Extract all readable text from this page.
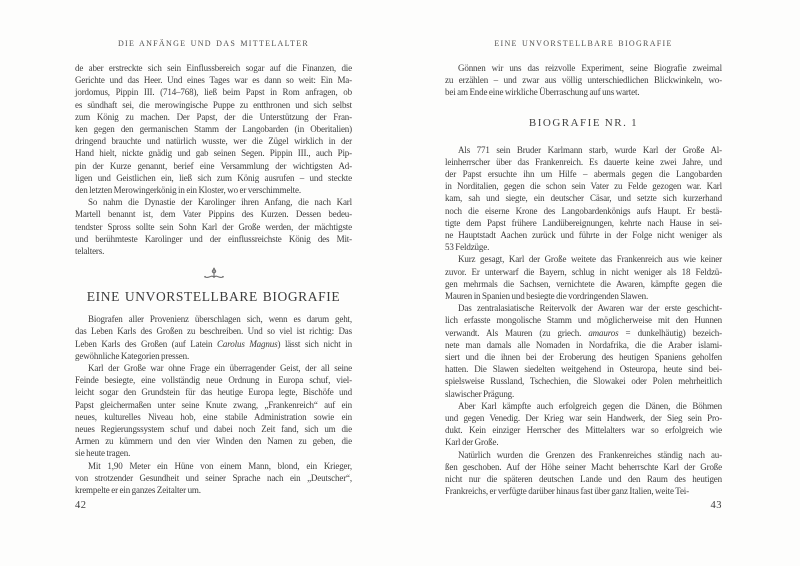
DIE ANFÄNGE UND DAS MITTELALTER
de aber erstreckte sich sein Einflussbereich sogar auf die Finanzen, die
Gerichte und das Heer. Und eines Tages war es dann so weit: Ein Ma-
jordomus, Pippin III. (714–768), ließ beim Papst in Rom anfragen, ob
es sündhaft sei, die merowingische Puppe zu entthronen und sich selbst
zum König zu machen. Der Papst, der die Unterstützung der Fran-
ken gegen den germanischen Stamm der Langobarden (in Oberitalien)
dringend brauchte und natürlich wusste, wer die Zügel wirklich in der
Hand hielt, nickte gnädig und gab seinen Segen. Pippin III., auch Pip-
pin der Kurze genannt, berief eine Versammlung der wichtigsten Ad-
ligen und Geistlichen ein, ließ sich zum König ausrufen – und steckte
den letzten Merowingerkönig in ein Kloster, wo er verschimmelte.
So nahm die Dynastie der Karolinger ihren Anfang, die nach Karl
Martell benannt ist, dem Vater Pippins des Kurzen. Dessen bedeu-
tendster Spross sollte sein Sohn Karl der Große werden, der mächtigste
und berühmteste Karolinger und der einflussreichste König des Mit-
telalters.
EINE UNVORSTELLBARE BIOGRAFIE
Biografen aller Provenienz überschlagen sich, wenn es darum geht,
das Leben Karls des Großen zu beschreiben. Und so viel ist richtig: Das
Leben Karls des Großen (auf Latein Carolus Magnus) lässt sich nicht in
gewöhnliche Kategorien pressen.
Karl der Große war ohne Frage ein überragender Geist, der all seine
Feinde besiegte, eine vollständig neue Ordnung in Europa schuf, viel-
leicht sogar den Grundstein für das heutige Europa legte, Bischöfe und
Papst gleichermaßen unter seine Knute zwang, „Frankenreich“ auf ein
neues, kulturelles Niveau hob, eine stabile Administration sowie ein
neues Regierungssystem schuf und dabei noch Zeit fand, sich um die
Armen zu kümmern und den vier Winden den Namen zu geben, die
sie heute tragen.
Mit 1,90 Meter ein Hüne von einem Mann, blond, ein Krieger,
von strotzender Gesundheit und seiner Sprache nach ein „Deutscher“,
krempelte er ein ganzes Zeitalter um.
42
EINE UNVORSTELLBARE BIOGRAFIE
Gönnen wir uns das reizvolle Experiment, seine Biografie zweimal
zu erzählen – und zwar aus völlig unterschiedlichen Blickwinkeln, wo-
bei am Ende eine wirkliche Überraschung auf uns wartet.
BIOGRAFIE NR. 1
Als 771 sein Bruder Karlmann starb, wurde Karl der Große Al-
leinherrscher über das Frankenreich. Es dauerte keine zwei Jahre, und
der Papst ersuchte ihn um Hilfe – abermals gegen die Langobarden
in Norditalien, gegen die schon sein Vater zu Felde gezogen war. Karl
kam, sah und siegte, ein deutscher Cäsar, und setzte sich kurzerhand
noch die eiserne Krone des Langobardenkönigs aufs Haupt. Er bestä-
tigte dem Papst frühere Landübereignungen, kehrte nach Hause in sei-
ne Hauptstadt Aachen zurück und führte in der Folge nicht weniger als
53 Feldzüge.
Kurz gesagt, Karl der Große weitete das Frankenreich aus wie keiner
zuvor. Er unterwarf die Bayern, schlug in nicht weniger als 18 Feldzü-
gen mehrmals die Sachsen, vernichtete die Awaren, kämpfte gegen die
Mauren in Spanien und besiegte die vordringenden Slawen.
Das zentralasiatische Reitervolk der Awaren war der erste geschicht-
lich erfasste mongolische Stamm und möglicherweise mit den Hunnen
verwandt. Als Mauren (zu griech. amauros = dunkelhäutig) bezeich-
nete man damals alle Nomaden in Nordafrika, die die Araber islami-
siert und die ihnen bei der Eroberung des heutigen Spaniens geholfen
hatten. Die Slawen siedelten weitgehend in Osteuropa, heute sind bei-
spielsweise Russland, Tschechien, die Slowakei oder Polen mehrheitlich
slawischer Prägung.
Aber Karl kämpfte auch erfolgreich gegen die Dänen, die Böhmen
und gegen Venedig. Der Krieg war sein Handwerk, der Sieg sein Pro-
dukt. Kein einziger Herrscher des Mittelalters war so erfolgreich wie
Karl der Große.
Natürlich wurden die Grenzen des Frankenreiches ständig nach au-
ßen geschoben. Auf der Höhe seiner Macht beherrschte Karl der Große
nicht nur die späteren deutschen Lande und den Raum des heutigen
Frankreichs, er verfügte darüber hinaus fast über ganz Italien, weite Tei-
43
